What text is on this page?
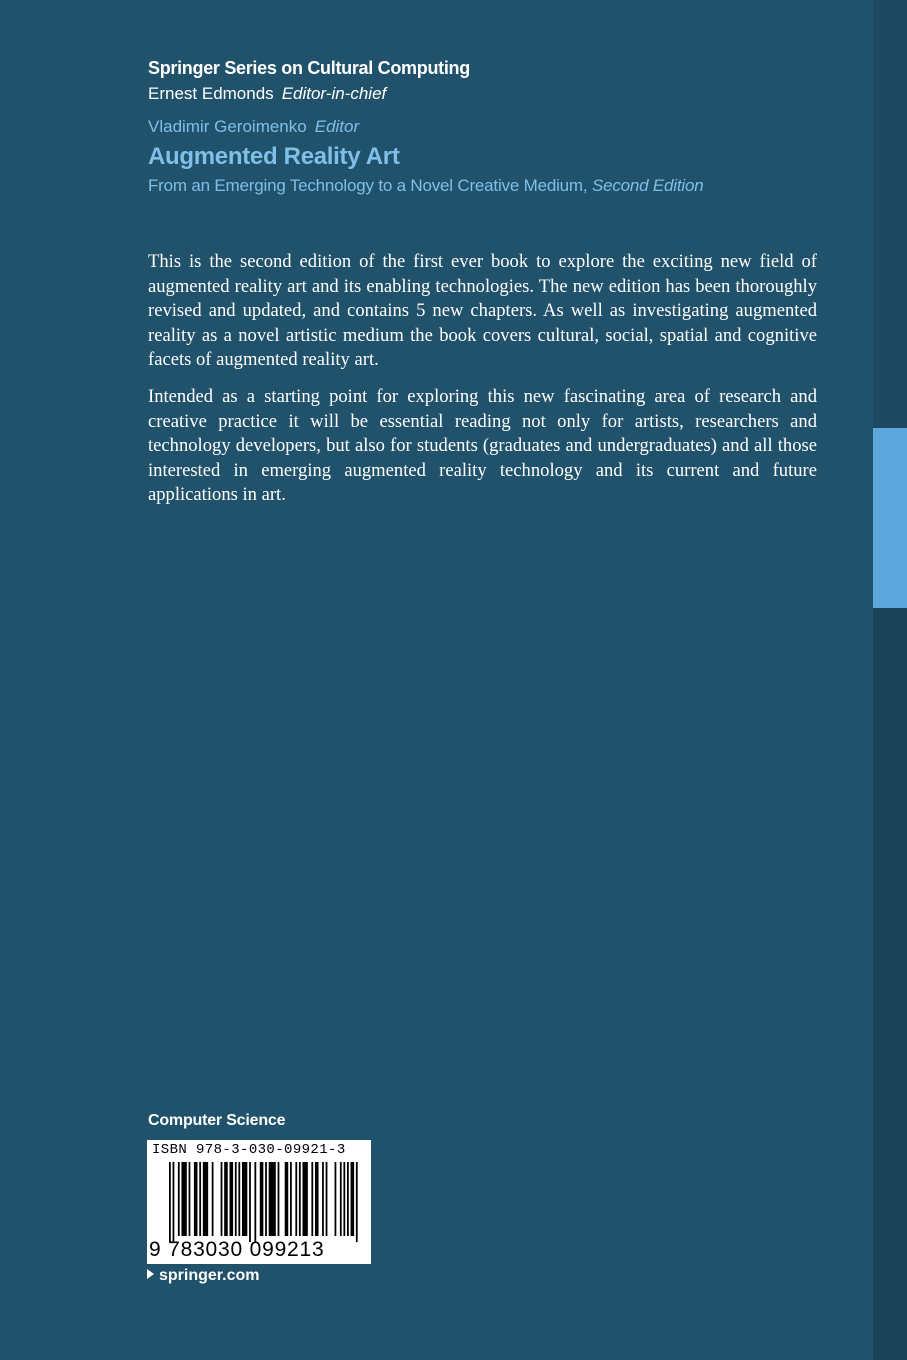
Springer Series on Cultural Computing
Ernest Edmonds Editor-in-chief
Vladimir Geroimenko Editor
Augmented Reality Art
From an Emerging Technology to a Novel Creative Medium, Second Edition

This is the second edition of the first ever book to explore the exciting new field of augmented reality art and its enabling technologies. The new edition has been thoroughly revised and updated, and contains 5 new chapters. As well as investigating augmented reality as a novel artistic medium the book covers cultural, social, spatial and cognitive facets of augmented reality art.

Intended as a starting point for exploring this new fascinating area of research and creative practice it will be essential reading not only for artists, researchers and technology developers, but also for students (graduates and undergraduates) and all those interested in emerging augmented reality technology and its current and future applications in art.

Computer Science
ISBN 978-3-030-09921-3
9 783030 099213
springer.com
